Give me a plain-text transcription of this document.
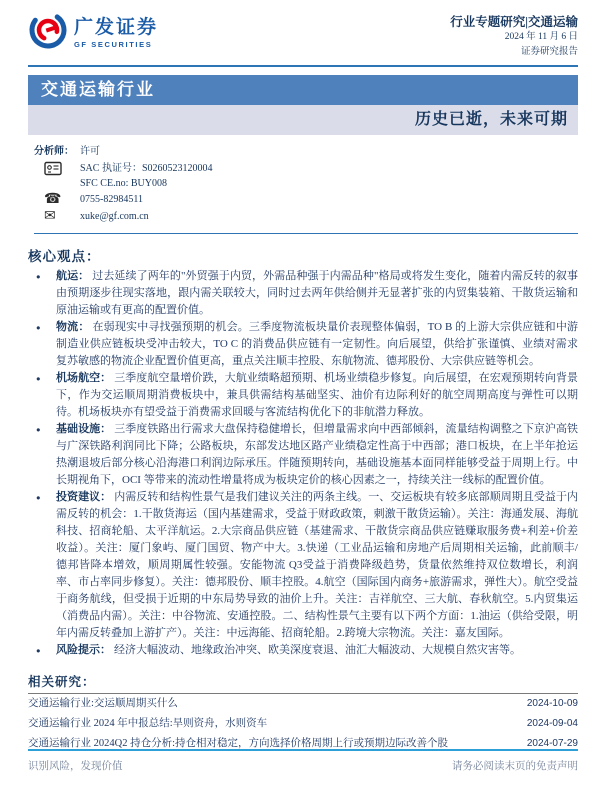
广发证券
GF SECURITIES
行业专题研究|交通运输
2024 年 11 月 6 日
证券研究报告
交通运输行业
历史已逝，未来可期
分析师： 许可
SAC 执证号：S0260523120004
SFC CE.no: BUY008
☎	0755-82984511
✉	xuke@gf.com.cn
核心观点：
● 航运： 过去延续了两年的"外贸强于内贸，外需品种强于内需品种"格局或将发生变化，随着内需反转的叙事由预期逐步往现实落地，跟内需关联较大，同时过去两年供给侧并无显著扩张的内贸集装箱、干散货运输和原油运输或有更高的配置价值。
● 物流： 在弱现实中寻找强预期的机会。三季度物流板块量价表现整体偏弱，TO B 的上游大宗供应链和中游制造业供应链板块受冲击较大，TO C 的消费品供应链有一定韧性。向后展望，供给扩张谨慎、业绩对需求复苏敏感的物流企业配置价值更高，重点关注顺丰控股、东航物流、德邦股份、大宗供应链等机会。
● 机场航空： 三季度航空量增价跌，大航业绩略超预期、机场业绩稳步修复。向后展望，在宏观预期转向背景下，作为交运顺周期消费板块中，兼具供需结构基础坚实、油价有边际利好的航空周期高度与弹性可以期待。机场板块亦有望受益于消费需求回暖与客流结构优化下的非航潜力释放。
● 基础设施： 三季度铁路出行需求大盘保持稳健增长，但增量需求向中西部倾斜，流量结构调整之下京沪高铁与广深铁路利润同比下降；公路板块，东部发达地区路产业绩稳定性高于中西部；港口板块，在上半年抢运热潮退坡后部分核心沿海港口利润边际承压。伴随预期转向，基础设施基本面同样能够受益于周期上行。中长期视角下，OCI 等带来的流动性增量将成为板块定价的核心因素之一，持续关注一线标的配置价值。
● 投资建议： 内需反转和结构性景气是我们建议关注的两条主线。一、交运板块有较多底部顺周期且受益于内需反转的机会：1.干散货海运（国内基建需求，受益于财政政策，刺激干散货运输）。关注：海通发展、海航科技、招商轮船、太平洋航运。2.大宗商品供应链（基建需求、干散货宗商品供应链赚取服务费+利差+价差收益）。关注：厦门象屿、厦门国贸、物产中大。3.快递（工业品运输和房地产后周期相关运输，此前顺丰/德邦皆降本增效，顺周期属性较强。安能物流 Q3受益于消费降级趋势，货量依然维持双位数增长，利润率、市占率同步修复）。关注：德邦股份、顺丰控股。4.航空（国际国内商务+旅游需求，弹性大）。航空受益于商务航线，但受损于近期的中东局势导致的油价上升。关注：吉祥航空、三大航、春秋航空。5.内贸集运（消费品内需）。关注：中谷物流、安通控股。二、结构性景气主要有以下两个方面：1.油运（供给受限，明年内需反转叠加上游扩产）。关注：中远海能、招商轮船。2.跨境大宗物流。关注：嘉友国际。
● 风险提示： 经济大幅波动、地缘政治冲突、欧美深度衰退、油汇大幅波动、大规模自然灾害等。
相关研究：
交通运输行业:交运顺周期买什么	2024-10-09
交通运输行业 2024 年中报总结:旱则资舟，水则资车	2024-09-04
交通运输行业 2024Q2 持仓分析:持仓相对稳定，方向选择价格周期上行或预期边际改善个股	2024-07-29
识别风险，发现价值	请务必阅读末页的免责声明
